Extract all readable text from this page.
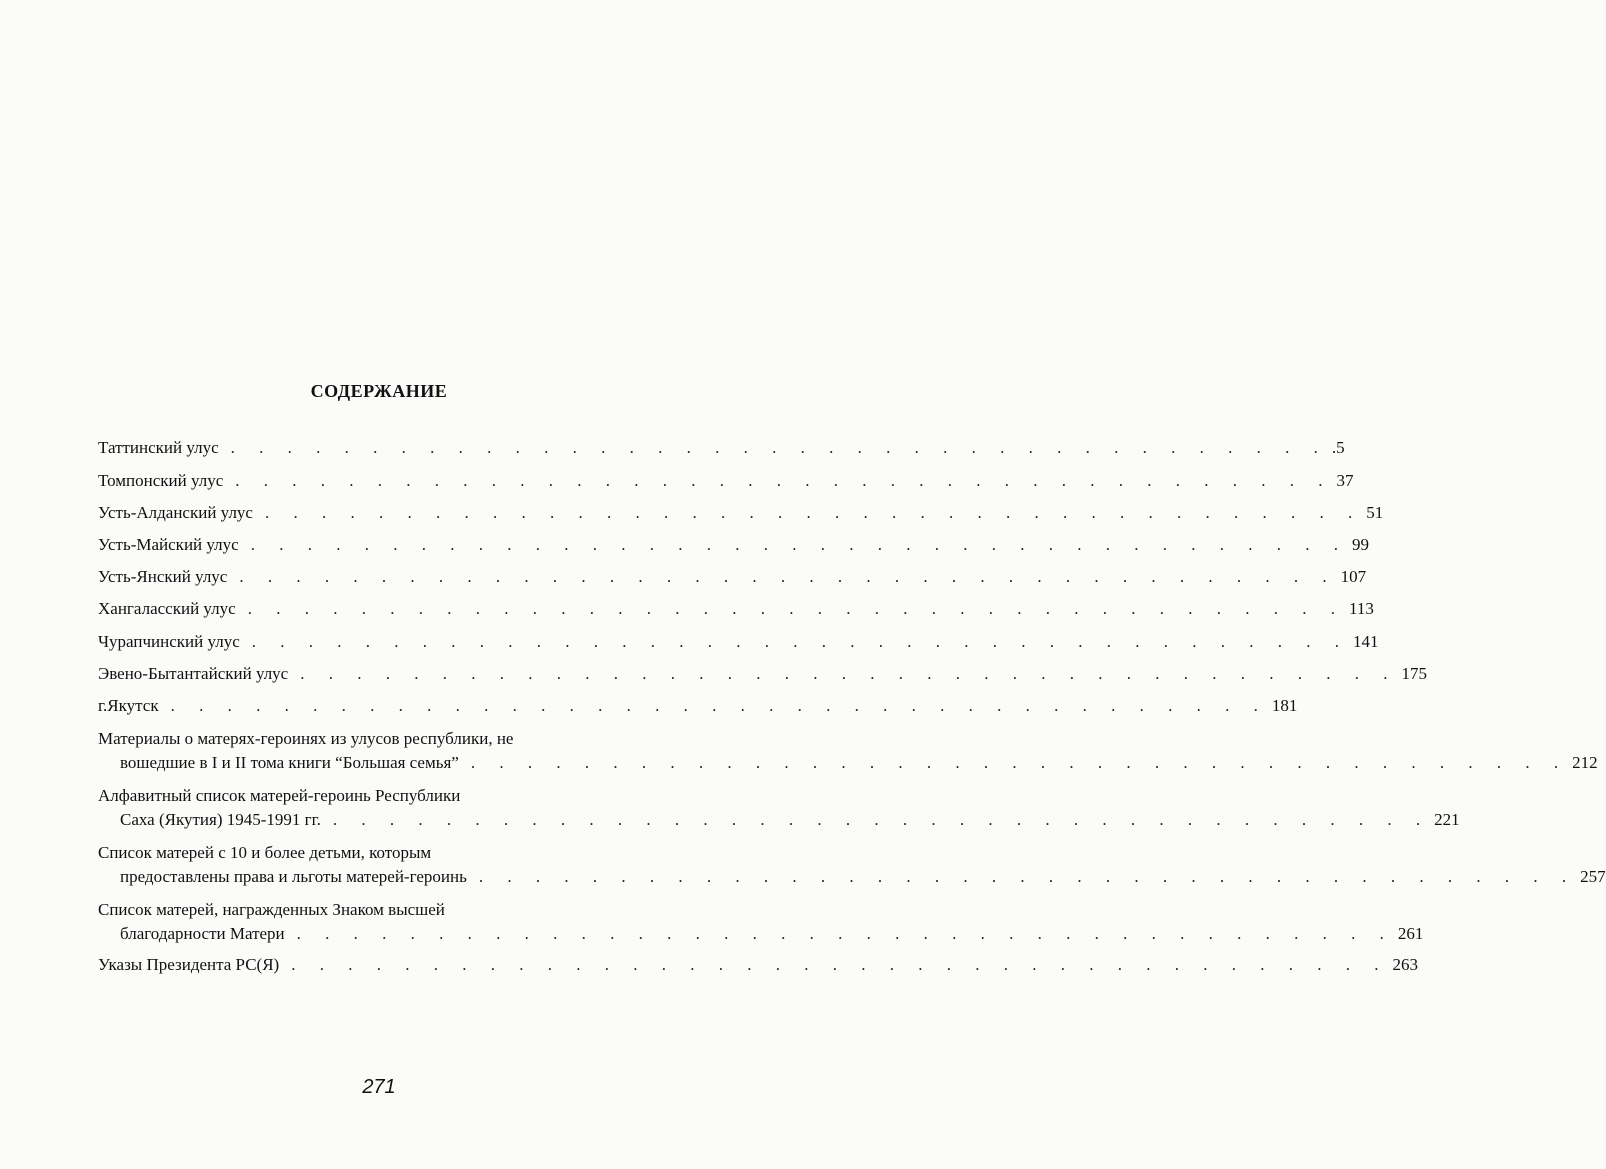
СОДЕРЖАНИЕ
Таттинский улус . . . . . . . . . . . . . . . . . . . . . . . . . . . . . . . . . . . . . . . .5
Томпонский улус . . . . . . . . . . . . . . . . . . . . . . . . . . . . . . . . . . . . . . . 37
Усть-Алданский улус . . . . . . . . . . . . . . . . . . . . . . . . . . . . . . . . . . . . . . . 51
Усть-Майский улус . . . . . . . . . . . . . . . . . . . . . . . . . . . . . . . . . . . . . . . 99
Усть-Янский улус . . . . . . . . . . . . . . . . . . . . . . . . . . . . . . . . . . . . . . . 107
Хангаласский улус . . . . . . . . . . . . . . . . . . . . . . . . . . . . . . . . . . . . . . . 113
Чурапчинский улус . . . . . . . . . . . . . . . . . . . . . . . . . . . . . . . . . . . . . . . 141
Эвено-Бытантайский улус . . . . . . . . . . . . . . . . . . . . . . . . . . . . . . . . . . . . . . . 175
г.Якутск . . . . . . . . . . . . . . . . . . . . . . . . . . . . . . . . . . . . . . . 181
Материалы о матерях-героинях из улусов республики, не
вошедшие в I и II тома книги “Большая семья” . . . . . . . . . . . . . . . . . . . . . . . . . . . . . . . . . . . . . . . 212
Алфавитный список матерей-героинь Республики
Саха (Якутия) 1945-1991 гг. . . . . . . . . . . . . . . . . . . . . . . . . . . . . . . . . . . . . . . . 221
Список матерей с 10 и более детьми, которым
предоставлены права и льготы матерей-героинь . . . . . . . . . . . . . . . . . . . . . . . . . . . . . . . . . . . . . . . 257
Список матерей, награжденных Знаком высшей
благодарности Матери . . . . . . . . . . . . . . . . . . . . . . . . . . . . . . . . . . . . . . . 261
Указы Президента РС(Я) . . . . . . . . . . . . . . . . . . . . . . . . . . . . . . . . . . . . . . . 263
271
